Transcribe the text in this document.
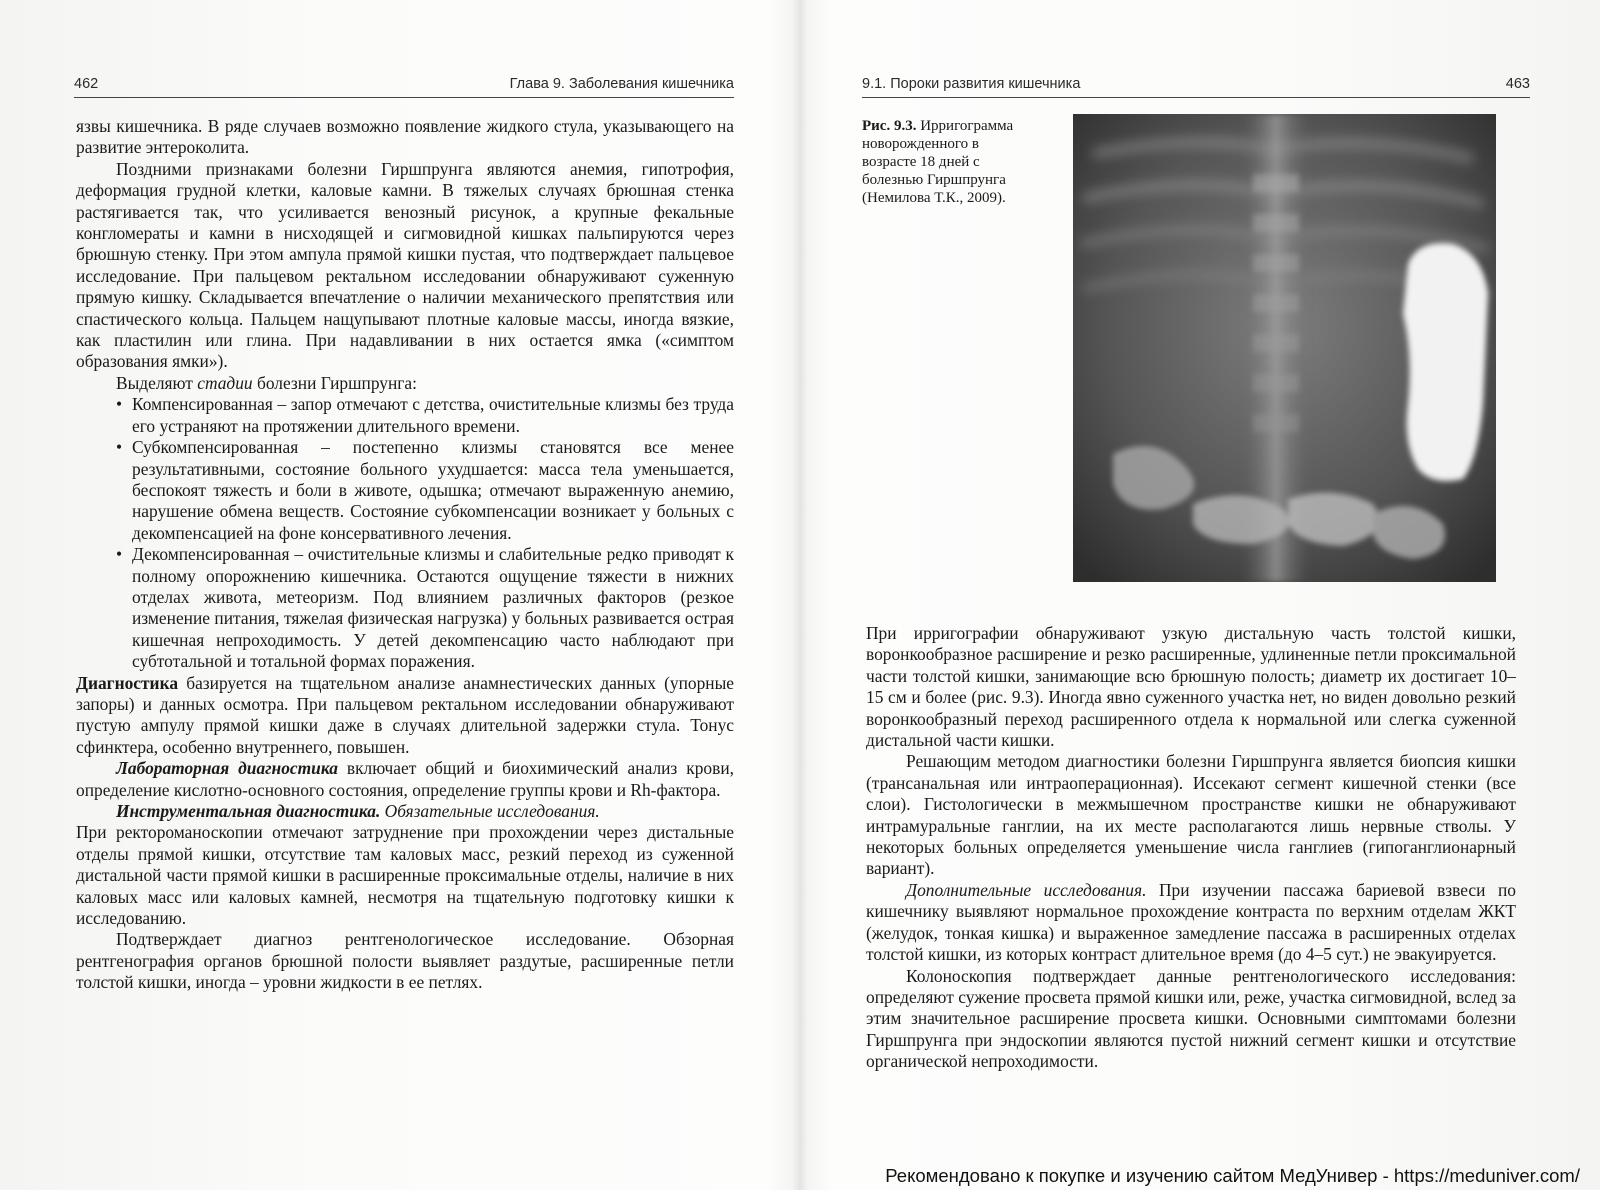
462	Глава 9. Заболевания кишечника

язвы кишечника. В ряде случаев возможно появление жидкого стула, указывающего на развитие энтероколита.

Поздними признаками болезни Гиршпрунга являются анемия, гипотрофия, деформация грудной клетки, каловые камни. В тяжелых случаях брюшная стенка растягивается так, что усиливается венозный рисунок, а крупные фекальные конгломераты и камни в нисходящей и сигмовидной кишках пальпируются через брюшную стенку. При этом ампула прямой кишки пустая, что подтверждает пальцевое исследование. При пальцевом ректальном исследовании обнаруживают суженную прямую кишку. Складывается впечатление о наличии механического препятствия или спастического кольца. Пальцем нащупывают плотные каловые массы, иногда вязкие, как пластилин или глина. При надавливании в них остается ямка («симптом образования ямки»).

Выделяют стадии болезни Гиршпрунга:

• Компенсированная – запор отмечают с детства, очистительные клизмы без труда его устраняют на протяжении длительного времени.
• Субкомпенсированная – постепенно клизмы становятся все менее результативными, состояние больного ухудшается: масса тела уменьшается, беспокоят тяжесть и боли в животе, одышка; отмечают выраженную анемию, нарушение обмена веществ. Состояние субкомпенсации возникает у больных с декомпенсацией на фоне консервативного лечения.
• Декомпенсированная – очистительные клизмы и слабительные редко приводят к полному опорожнению кишечника. Остаются ощущение тяжести в нижних отделах живота, метеоризм. Под влиянием различных факторов (резкое изменение питания, тяжелая физическая нагрузка) у больных развивается острая кишечная непроходимость. У детей декомпенсацию часто наблюдают при субтотальной и тотальной формах поражения.

Диагностика базируется на тщательном анализе анамнестических данных (упорные запоры) и данных осмотра. При пальцевом ректальном исследовании обнаруживают пустую ампулу прямой кишки даже в случаях длительной задержки стула. Тонус сфинктера, особенно внутреннего, повышен.

Лабораторная диагностика включает общий и биохимический анализ крови, определение кислотно-основного состояния, определение группы крови и Rh-фактора.

Инструментальная диагностика. Обязательные исследования.

При ректороманоскопии отмечают затруднение при прохождении через дистальные отделы прямой кишки, отсутствие там каловых масс, резкий переход из суженной дистальной части прямой кишки в расширенные проксимальные отделы, наличие в них каловых масс или каловых камней, несмотря на тщательную подготовку кишки к исследованию.

Подтверждает диагноз рентгенологическое исследование. Обзорная рентгенография органов брюшной полости выявляет раздутые, расширенные петли толстой кишки, иногда – уровни жидкости в ее петлях.

9.1. Пороки развития кишечника	463
Рис. 9.3. Ирригограмма новорожденного в возрасте 18 дней с болезнью Гиршпрунга (Немилова Т.К., 2009).

При ирригографии обнаруживают узкую дистальную часть толстой кишки, воронкообразное расширение и резко расширенные, удлиненные петли проксимальной части толстой кишки, занимающие всю брюшную полость; диаметр их достигает 10–15 см и более (рис. 9.3). Иногда явно суженного участка нет, но виден довольно резкий воронкообразный переход расширенного отдела к нормальной или слегка суженной дистальной части кишки.

Решающим методом диагностики болезни Гиршпрунга является биопсия кишки (трансанальная или интраоперационная). Иссекают сегмент кишечной стенки (все слои). Гистологически в межмышечном пространстве кишки не обнаруживают интрамуральные ганглии, на их месте располагаются лишь нервные стволы. У некоторых больных определяется уменьшение числа ганглиев (гипоганглионарный вариант).

Дополнительные исследования. При изучении пассажа бариевой взвеси по кишечнику выявляют нормальное прохождение контраста по верхним отделам ЖКТ (желудок, тонкая кишка) и выраженное замедление пассажа в расширенных отделах толстой кишки, из которых контраст длительное время (до 4–5 сут.) не эвакуируется.

Колоноскопия подтверждает данные рентгенологического исследования: определяют сужение просвета прямой кишки или, реже, участка сигмовидной, вслед за этим значительное расширение просвета кишки. Основными симптомами болезни Гиршпрунга при эндоскопии являются пустой нижний сегмент кишки и отсутствие органической непроходимости.

Рекомендовано к покупке и изучению сайтом МедУнивер - https://meduniver.com/
